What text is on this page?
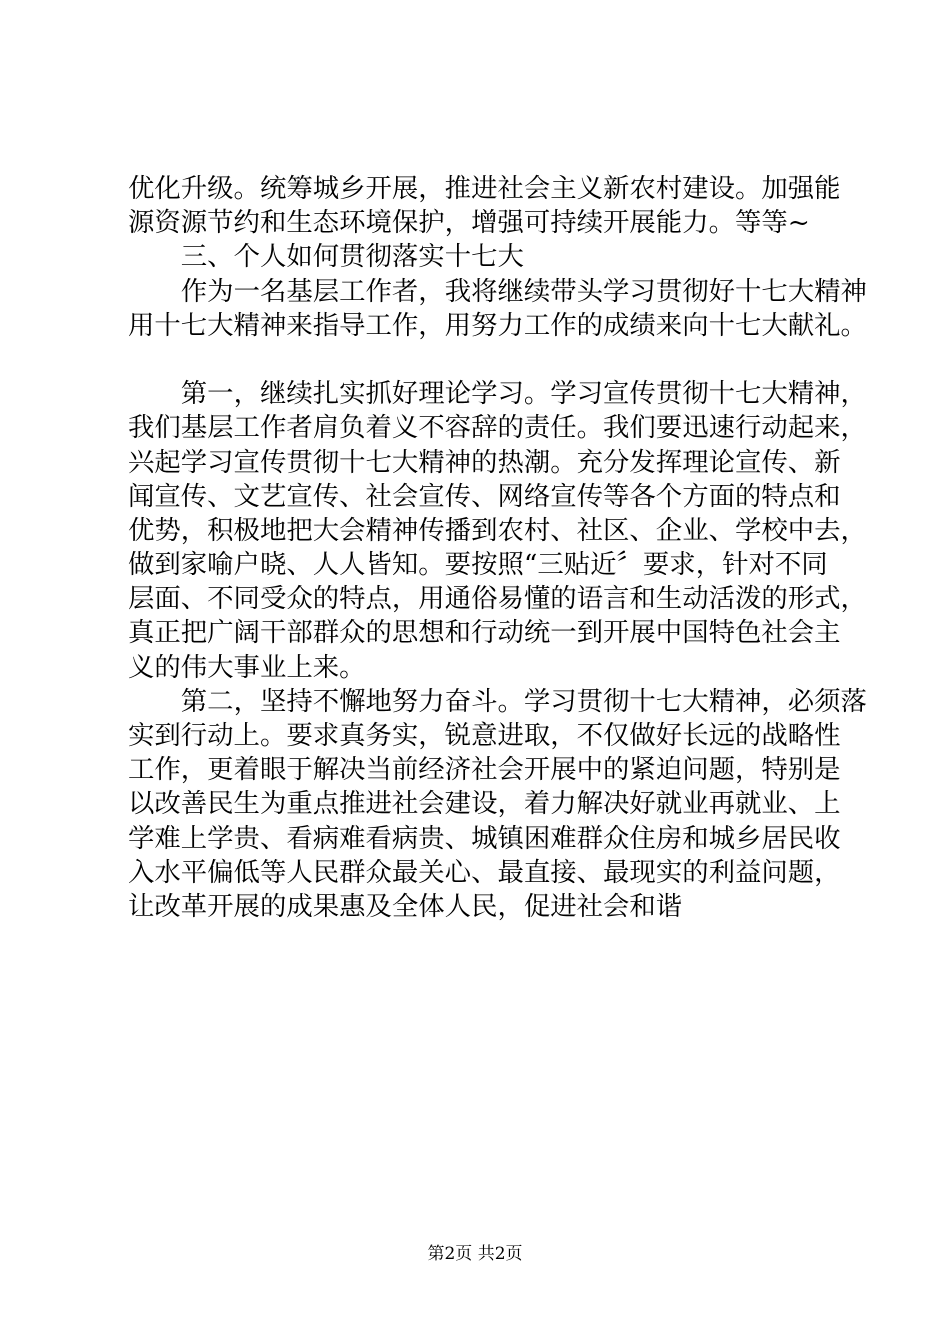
优化升级。统筹城乡开展，推进社会主义新农村建设。加强能
源资源节约和生态环境保护，增强可持续开展能力。等等~
三、个人如何贯彻落实十七大
作为一名基层工作者，我将继续带头学习贯彻好十七大精神
用十七大精神来指导工作，用努力工作的成绩来向十七大献礼。
第一，继续扎实抓好理论学习。学习宣传贯彻十七大精神，
我们基层工作者肩负着义不容辞的责任。我们要迅速行动起来，
兴起学习宣传贯彻十七大精神的热潮。充分发挥理论宣传、新
闻宣传、文艺宣传、社会宣传、网络宣传等各个方面的特点和
优势，积极地把大会精神传播到农村、社区、企业、学校中去，
做到家喻户晓、人人皆知。要按照“三贴近〞要求，针对不同
层面、不同受众的特点，用通俗易懂的语言和生动活泼的形式，
真正把广阔干部群众的思想和行动统一到开展中国特色社会主
义的伟大事业上来。
第二，坚持不懈地努力奋斗。学习贯彻十七大精神，必须落
实到行动上。要求真务实，锐意进取，不仅做好长远的战略性
工作，更着眼于解决当前经济社会开展中的紧迫问题，特别是
以改善民生为重点推进社会建设，着力解决好就业再就业、上
学难上学贵、看病难看病贵、城镇困难群众住房和城乡居民收
入水平偏低等人民群众最关心、最直接、最现实的利益问题，
让改革开展的成果惠及全体人民，促进社会和谐
第2页 共2页
